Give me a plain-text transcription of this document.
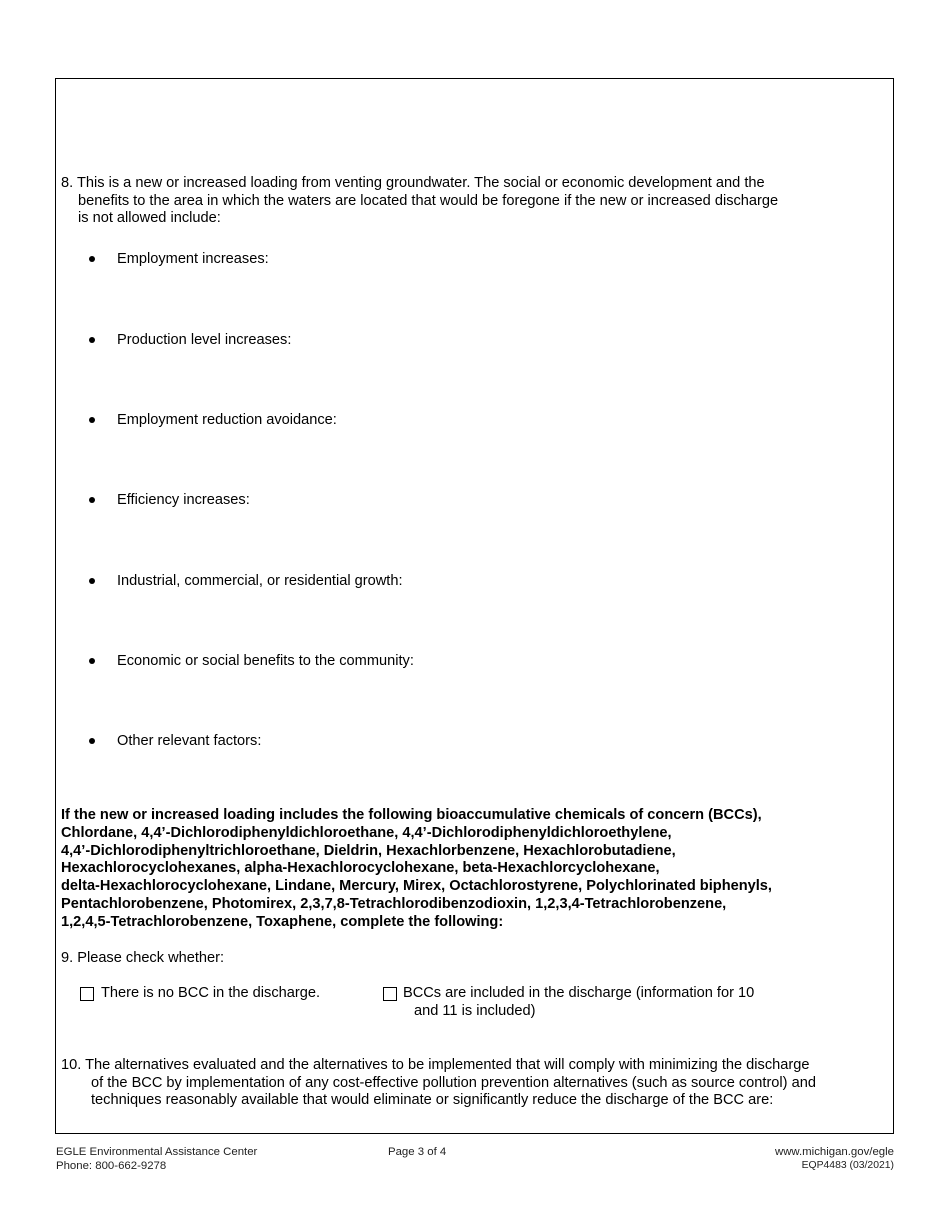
8. This is a new or increased loading from venting groundwater. The social or economic development and the
benefits to the area in which the waters are located that would be foregone if the new or increased discharge
is not allowed include:
Employment increases:
Production level increases:
Employment reduction avoidance:
Efficiency increases:
Industrial, commercial, or residential growth:
Economic or social benefits to the community:
Other relevant factors:
If the new or increased loading includes the following bioaccumulative chemicals of concern (BCCs),
Chlordane, 4,4’-Dichlorodiphenyldichloroethane, 4,4’-Dichlorodiphenyldichloroethylene,
4,4’-Dichlorodiphenyltrichloroethane, Dieldrin, Hexachlorbenzene, Hexachlorobutadiene,
Hexachlorocyclohexanes, alpha-Hexachlorocyclohexane, beta-Hexachlorcyclohexane,
delta-Hexachlorocyclohexane, Lindane, Mercury, Mirex, Octachlorostyrene, Polychlorinated biphenyls,
Pentachlorobenzene, Photomirex, 2,3,7,8-Tetrachlorodibenzodioxin, 1,2,3,4-Tetrachlorobenzene,
1,2,4,5-Tetrachlorobenzene, Toxaphene, complete the following:
9. Please check whether:
There is no BCC in the discharge.	BCCs are included in the discharge (information for 10
and 11 is included)
10. The alternatives evaluated and the alternatives to be implemented that will comply with minimizing the discharge
of the BCC by implementation of any cost-effective pollution prevention alternatives (such as source control) and
techniques reasonably available that would eliminate or significantly reduce the discharge of the BCC are:
EGLE Environmental Assistance Center
Phone: 800-662-9278
Page 3 of 4	www.michigan.gov/egle
EQP4483 (03/2021)
